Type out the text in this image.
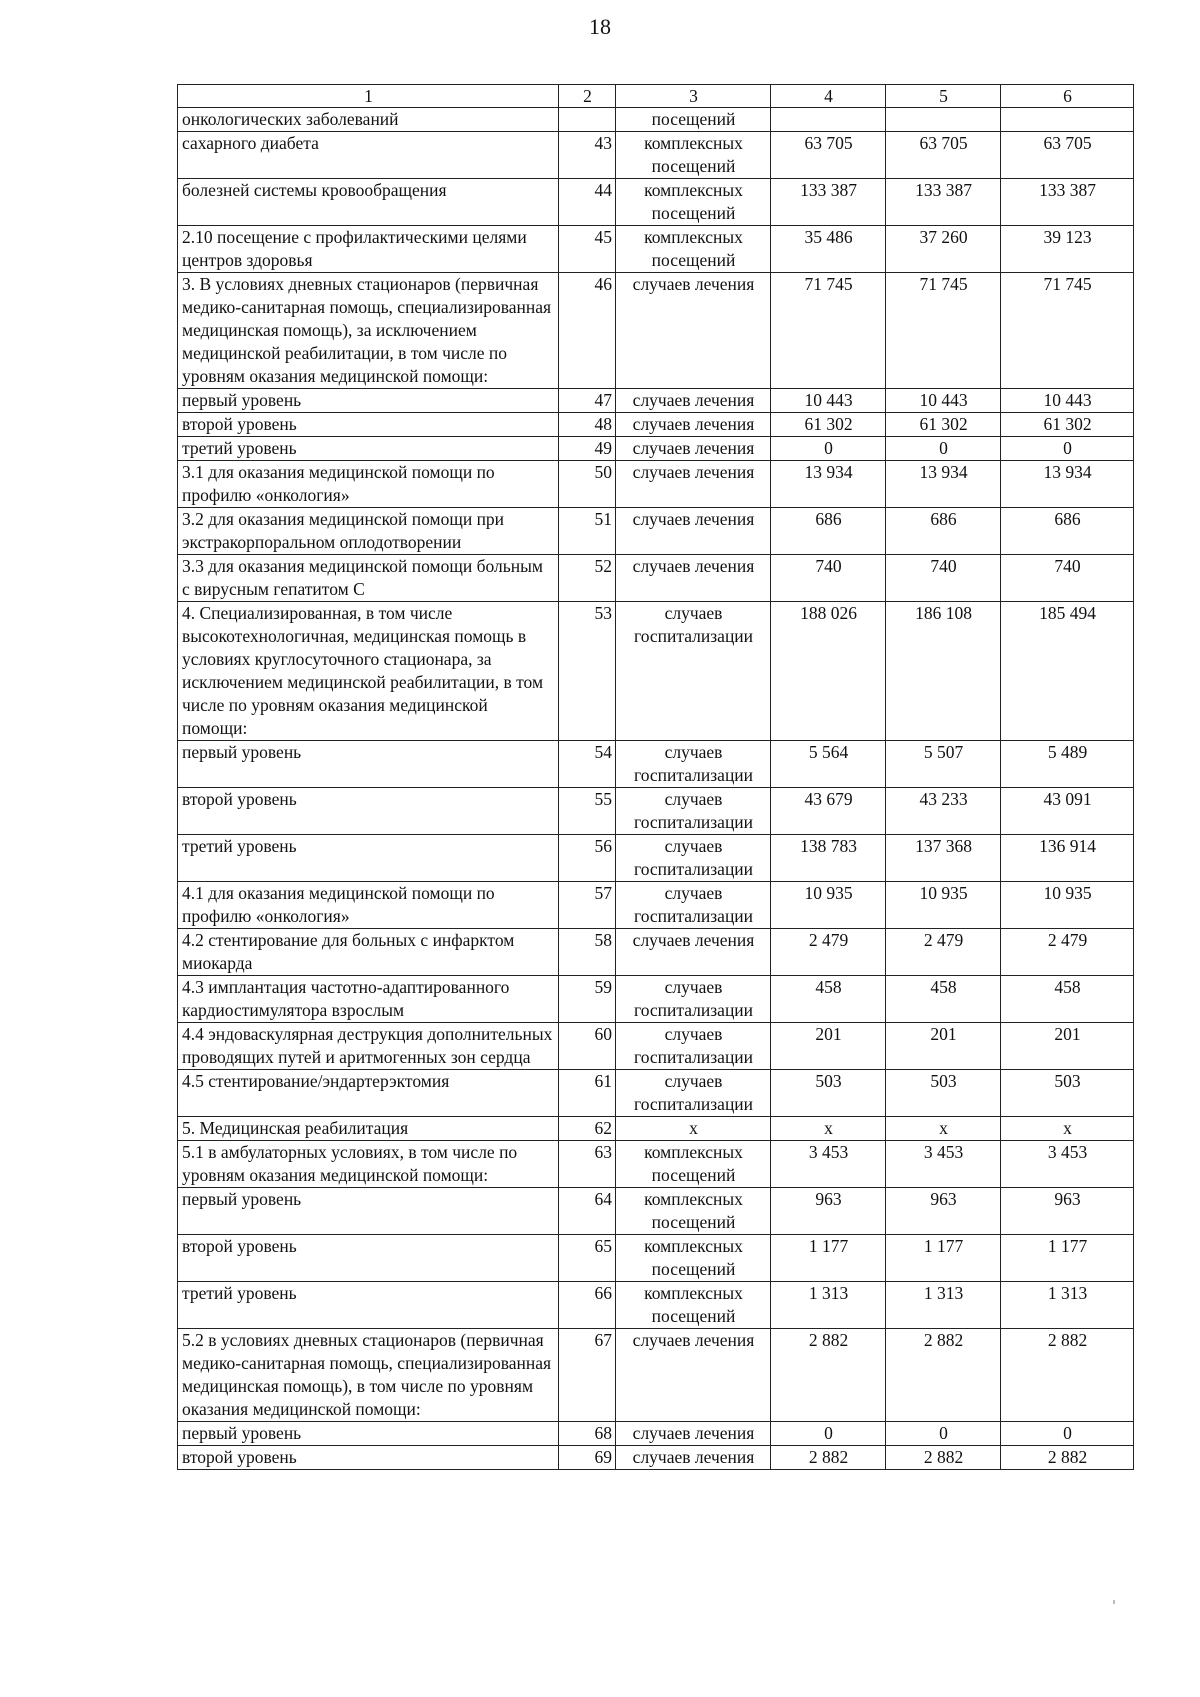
18
1	2	3	4	5	6
онкологических заболеваний		посещений			
сахарного диабета	43	комплексных посещений	63 705	63 705	63 705
болезней системы кровообращения	44	комплексных посещений	133 387	133 387	133 387
2.10 посещение с профилактическими целями центров здоровья	45	комплексных посещений	35 486	37 260	39 123
3. В условиях дневных стационаров (первичная медико-санитарная помощь, специализированная медицинская помощь), за исключением медицинской реабилитации, в том числе по уровням оказания медицинской помощи:	46	случаев лечения	71 745	71 745	71 745
первый уровень	47	случаев лечения	10 443	10 443	10 443
второй уровень	48	случаев лечения	61 302	61 302	61 302
третий уровень	49	случаев лечения	0	0	0
3.1 для оказания медицинской помощи по профилю «онкология»	50	случаев лечения	13 934	13 934	13 934
3.2 для оказания медицинской помощи при экстракорпоральном оплодотворении	51	случаев лечения	686	686	686
3.3 для оказания медицинской помощи больным с вирусным гепатитом С	52	случаев лечения	740	740	740
4. Специализированная, в том числе высокотехнологичная, медицинская помощь в условиях круглосуточного стационара, за исключением медицинской реабилитации, в том числе по уровням оказания медицинской помощи:	53	случаев госпитализации	188 026	186 108	185 494
первый уровень	54	случаев госпитализации	5 564	5 507	5 489
второй уровень	55	случаев госпитализации	43 679	43 233	43 091
третий уровень	56	случаев госпитализации	138 783	137 368	136 914
4.1 для оказания медицинской помощи по профилю «онкология»	57	случаев госпитализации	10 935	10 935	10 935
4.2 стентирование для больных с инфарктом миокарда	58	случаев лечения	2 479	2 479	2 479
4.3 имплантация частотно-адаптированного кардиостимулятора взрослым	59	случаев госпитализации	458	458	458
4.4 эндоваскулярная деструкция дополнительных проводящих путей и аритмогенных зон сердца	60	случаев госпитализации	201	201	201
4.5 стентирование/эндартерэктомия	61	случаев госпитализации	503	503	503
5. Медицинская реабилитация	62	х	х	х	х
5.1 в амбулаторных условиях, в том числе по уровням оказания медицинской помощи:	63	комплексных посещений	3 453	3 453	3 453
первый уровень	64	комплексных посещений	963	963	963
второй уровень	65	комплексных посещений	1 177	1 177	1 177
третий уровень	66	комплексных посещений	1 313	1 313	1 313
5.2 в условиях дневных стационаров (первичная медико-санитарная помощь, специализированная медицинская помощь), в том числе по уровням оказания медицинской помощи:	67	случаев лечения	2 882	2 882	2 882
первый уровень	68	случаев лечения	0	0	0
второй уровень	69	случаев лечения	2 882	2 882	2 882
